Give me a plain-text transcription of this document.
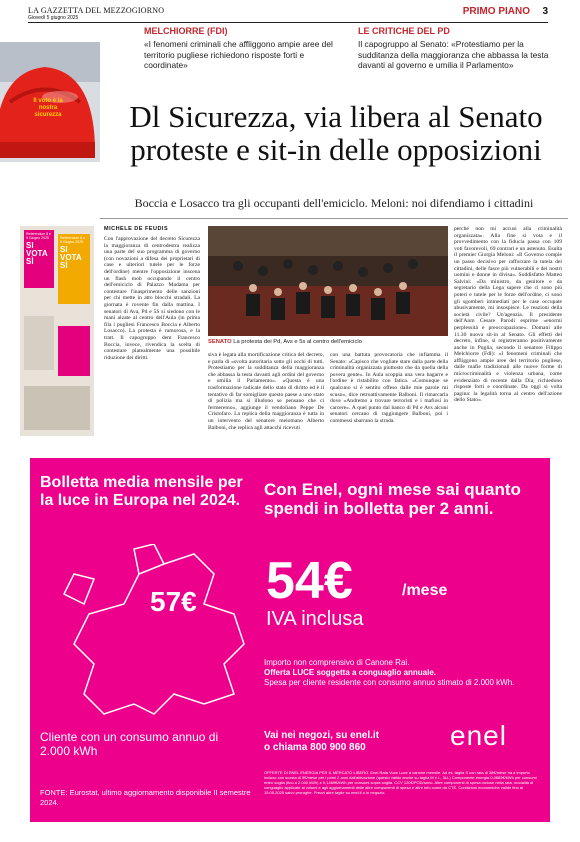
LA GAZZETTA DEL MEZZOGIORNO
Giovedì 5 giugno 2025
PRIMO PIANO 3
Il voto è la nostra sicurezza
MELCHIORRE (FDI)
«I fenomeni criminali che affliggono ampie aree del territorio pugliese richiedono risposte forti e coordinate»
LE CRITICHE DEL PD
Il capogruppo al Senato: «Protestiamo per la sudditanza della maggioranza che abbassa la testa davanti al governo e umilia il Parlamento»
Dl Sicurezza, via libera al Senato
proteste e sit-in delle opposizioni
Boccia e Losacco tra gli occupanti dell'emiciclo. Meloni: noi difendiamo i cittadini
Referendum 8 e 9 Giugno 2025
SI VOTA SÌ
Referendum 8 e 9 Giugno 2025
SI VOTA SÌ
MICHELE DE FEUDIS
Con l'approvazione del decreto Sicurezza la maggioranza di centrodestra realizza una parte del suo programma di governo (con novazioni a difesa dei proprietari di case e ulteriori tutele per le forze dell'ordine) mentre l'opposizione inscena un flash mob occupando il centro dell'emiciclo di Palazzo Madama per contestare l'inasprimento delle sanzioni per chi mette in atto blocchi stradali. La giornata è rovente fin dalla mattina. I senatori di Ava, Pd e 5S si siedono con le mani alzate al centro dell'Aula (in prima fila i pugliesi Francesco Boccia e Alberto Losacco). La protesta è rumorosa, e la tratt. Il capogruppo dem Francesco Boccia, invece, rivendica la scelta di contestare platealmente una possibile riduzione dei diritti.
SENATO La protesta dei Pd, Avs e 5s al centro dell'emiciclo
siva è legata alla mortificazione critica del decreto, e parla di «svolta autoritaria sotto gli occhi di tutti. Protestiamo per la sudditanza della maggioranza che abbassa la testa davanti agli ordini del governo e umilia il Parlamento». «Questa è una trasformazione radicale dello stato di diritto ed è il tentativo di far somigliare questo paese a uno stato di polizia ma si illudono se pensano che ci fermeremo», aggiunge il vendoliano Peppe De Cristofaro. La replica della maggioranza è tutta in un intervento del senatore melomano Alberto Balboni, che replica agli attacchi ricevuti
con una battuta provocatoria che infiamma il Senato: «Capisco che vogliate stare dalla parte della criminalità organizzata piuttosto che da quella della povera gente». In Aula scoppia una vera bagarre e l'ordine è ristabilito con fatica. «Comunque se qualcuno si è sentito offeso dalle mie parole mi scuso», dice retroattivamente Balboni. Il rimarcarla dove «Andremo a trovare terroristi e i mafiosi in carcere». A quel punto dal banco di Pd e Avs alcuni senatori cercano di raggiungere Balboni, poi i commessi sbarrano la strada.
perché non mi accusi alla criminalità organizzata». Alla fine si vota e il provvedimento con la fiducia passa con 109 voti favorevoli, 69 contrari e un astenuto. Esulta il premier Giorgia Meloni: «Il Governo compie un passo decisivo per rafforzare la tutela dei cittadini, delle fasce più vulnerabili e dei nostri uomini e donne in divisa». Soddisfatto Matteo Salvini: «Da ministro, da genitore e da segretario della Lega sapere che ci sono più poteri e tutele per le forze dell'ordine, ci sono gli sgomberi immediati per le case occupate abusivamente, mi insospisce. Le reazioni della società civile? Un'agenzia. Il presidente dell'Anm Cesare Parodi esprime «enormi perplessità e preoccupazione». Domani alle 11.30 nuova sit-in al Senato. Gli effetti del decreto, infine, si registreranno positivamente anche in Puglia, secondo il senatore Filippo Melchiorre (FdI): «I fenomeni criminali che affliggono ampie aree del territorio pugliese, dalle mafie tradizionali alle nuove forme di microcriminalità e violenza urbana, come evidenziato di recente dalla Dia, richiedono risposte forti e coordinate. Da oggi si volta pagina: la legalità torna al centro dell'azione dello Stato».
Bolletta media mensile per la luce in Europa nel 2024.
57€
Cliente con un consumo annuo di 2.000 kWh
FONTE: Eurostat, ultimo aggiornamento disponibile II semestre 2024.
Con Enel, ogni mese sai quanto spendi in bolletta per 2 anni.
54€	/mese
IVA inclusa
Importo non comprensivo di Canone Rai.
Offerta LUCE soggetta a conguaglio annuale.
Spesa per cliente residente con consumo annuo stimato di 2.000 kWh.
Vai nei negozi, su enel.it
o chiama 800 900 860	enel
OFFERTE DI ENEL ENERGIA PER IL MERCATO LIBERO. Enel Rata Voce Luce a canone mensile. Ad es. taglia S con rata di 38€/mese ha a importo incluso con scosta di 9€/mese per i primi 2 anni dall'attivazione (questo valido anche su taglia M e L, 3LL) Componente energia 0,0889€/kWh per consumi entro soglia (fino a 2.000 kWh) e 0,1469€/kWh per consumi sopra soglia. CCV 120€/POD/anno. Altre componenti di spesa incluse nella rata, modalità di conguaglio applicate ai volumi e agli aggiornamenti delle altre componenti di spesa e altre info come da CTE. Condizioni economiche valide fino al 15.05.2025 salvo proroghe. Prezzi altre taglie su enel.it o in negozio.
